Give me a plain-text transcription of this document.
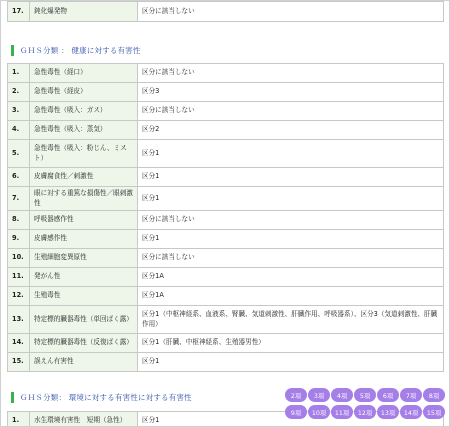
17.	鈍化爆発物	区分に該当しない
ＧＨＳ分類 ： 健康に対する有害性
1.	急性毒性（経口）	区分に該当しない
2.	急性毒性（経皮）	区分3
3.	急性毒性（吸入：ガス）	区分に該当しない
4.	急性毒性（吸入：蒸気）	区分2
5.	急性毒性（吸入：粉じん、ミスト）	区分1
6.	皮膚腐食性／刺激性	区分1
7.	眼に対する重篤な損傷性／眼刺激性	区分1
8.	呼吸器感作性	区分に該当しない
9.	皮膚感作性	区分1
10.	生殖細胞変異原性	区分に該当しない
11.	発がん性	区分1A
12.	生殖毒性	区分1A
13.	特定標的臓器毒性（単回ばく露）	区分1（中枢神経系、血液系、腎臓、気道刺激性、肝臓作用、呼吸器系）、区分3（気道刺激性、肝臓作用）
14.	特定標的臓器毒性（反復ばく露）	区分1（肝臓、中枢神経系、生殖器男性）
15.	誤えん有害性	区分1
ＧＨＳ分類： 環境に対する有害性に対する有害性
1.	水生環境有害性　短期（急性）	区分1
2項	3項	4項	5項	6項	7項	8項
9項	10項	11項	12項	13項	14項	15項
